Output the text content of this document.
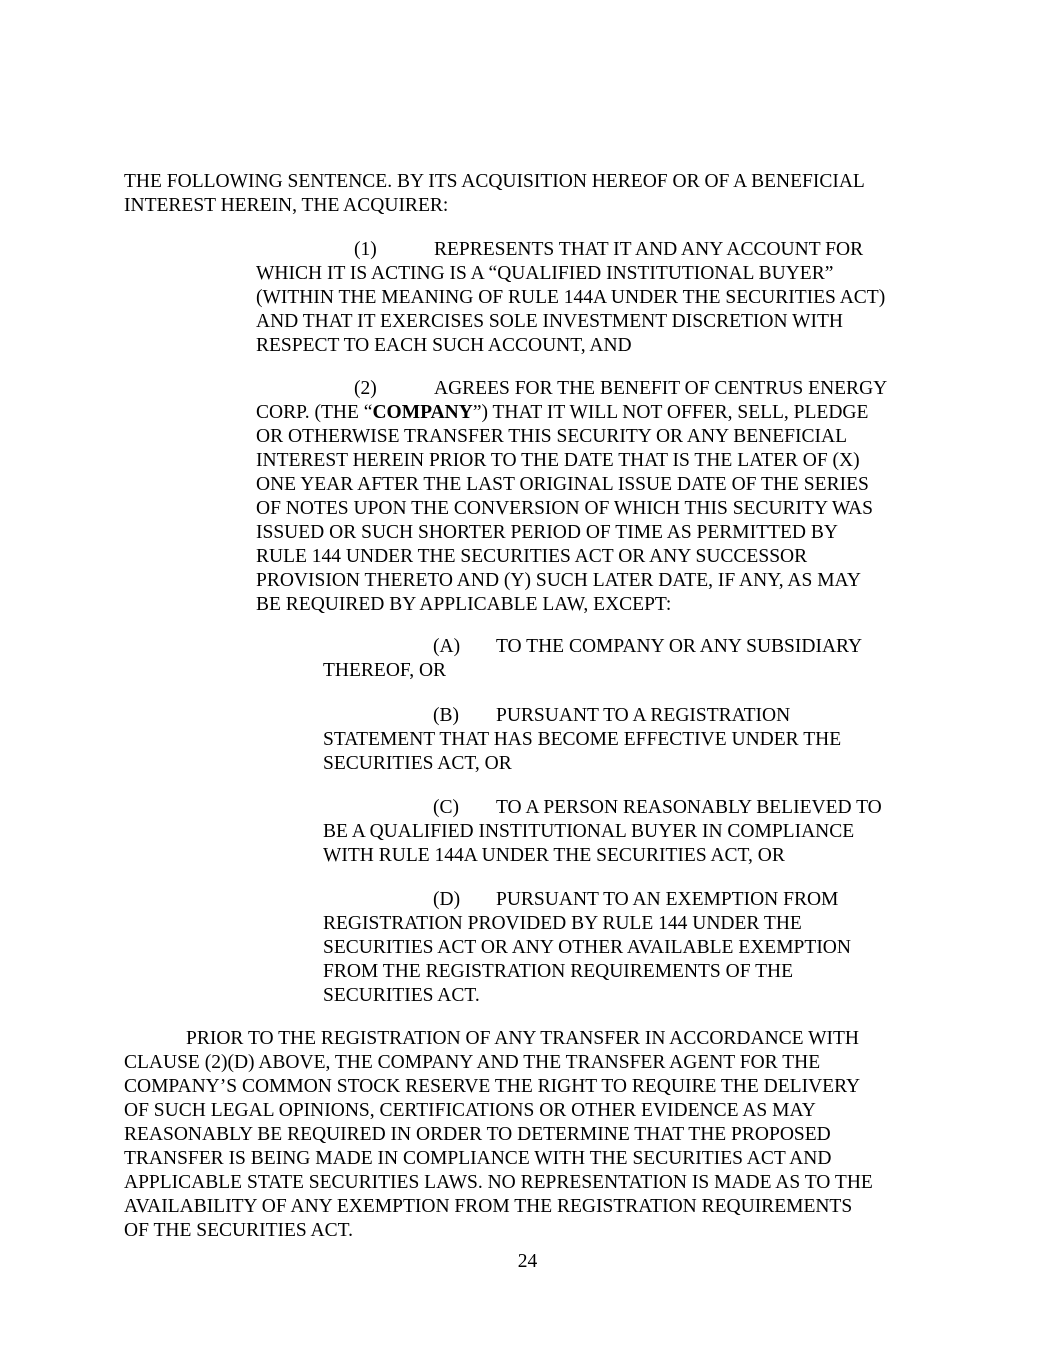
THE FOLLOWING SENTENCE. BY ITS ACQUISITION HEREOF OR OF A BENEFICIAL
INTEREST HEREIN, THE ACQUIRER:
(1)	REPRESENTS THAT IT AND ANY ACCOUNT FOR
WHICH IT IS ACTING IS A “QUALIFIED INSTITUTIONAL BUYER”
(WITHIN THE MEANING OF RULE 144A UNDER THE SECURITIES ACT)
AND THAT IT EXERCISES SOLE INVESTMENT DISCRETION WITH
RESPECT TO EACH SUCH ACCOUNT, AND
(2)	AGREES FOR THE BENEFIT OF CENTRUS ENERGY
CORP. (THE “COMPANY”) THAT IT WILL NOT OFFER, SELL, PLEDGE
OR OTHERWISE TRANSFER THIS SECURITY OR ANY BENEFICIAL
INTEREST HEREIN PRIOR TO THE DATE THAT IS THE LATER OF (X)
ONE YEAR AFTER THE LAST ORIGINAL ISSUE DATE OF THE SERIES
OF NOTES UPON THE CONVERSION OF WHICH THIS SECURITY WAS
ISSUED OR SUCH SHORTER PERIOD OF TIME AS PERMITTED BY
RULE 144 UNDER THE SECURITIES ACT OR ANY SUCCESSOR
PROVISION THERETO AND (Y) SUCH LATER DATE, IF ANY, AS MAY
BE REQUIRED BY APPLICABLE LAW, EXCEPT:
(A) TO THE COMPANY OR ANY SUBSIDIARY
THEREOF, OR
(B) PURSUANT TO A REGISTRATION
STATEMENT THAT HAS BECOME EFFECTIVE UNDER THE
SECURITIES ACT, OR
(C) TO A PERSON REASONABLY BELIEVED TO
BE A QUALIFIED INSTITUTIONAL BUYER IN COMPLIANCE
WITH RULE 144A UNDER THE SECURITIES ACT, OR
(D) PURSUANT TO AN EXEMPTION FROM
REGISTRATION PROVIDED BY RULE 144 UNDER THE
SECURITIES ACT OR ANY OTHER AVAILABLE EXEMPTION
FROM THE REGISTRATION REQUIREMENTS OF THE
SECURITIES ACT.
PRIOR TO THE REGISTRATION OF ANY TRANSFER IN ACCORDANCE WITH
CLAUSE (2)(D) ABOVE, THE COMPANY AND THE TRANSFER AGENT FOR THE
COMPANY’S COMMON STOCK RESERVE THE RIGHT TO REQUIRE THE DELIVERY
OF SUCH LEGAL OPINIONS, CERTIFICATIONS OR OTHER EVIDENCE AS MAY
REASONABLY BE REQUIRED IN ORDER TO DETERMINE THAT THE PROPOSED
TRANSFER IS BEING MADE IN COMPLIANCE WITH THE SECURITIES ACT AND
APPLICABLE STATE SECURITIES LAWS. NO REPRESENTATION IS MADE AS TO THE
AVAILABILITY OF ANY EXEMPTION FROM THE REGISTRATION REQUIREMENTS
OF THE SECURITIES ACT.
24
